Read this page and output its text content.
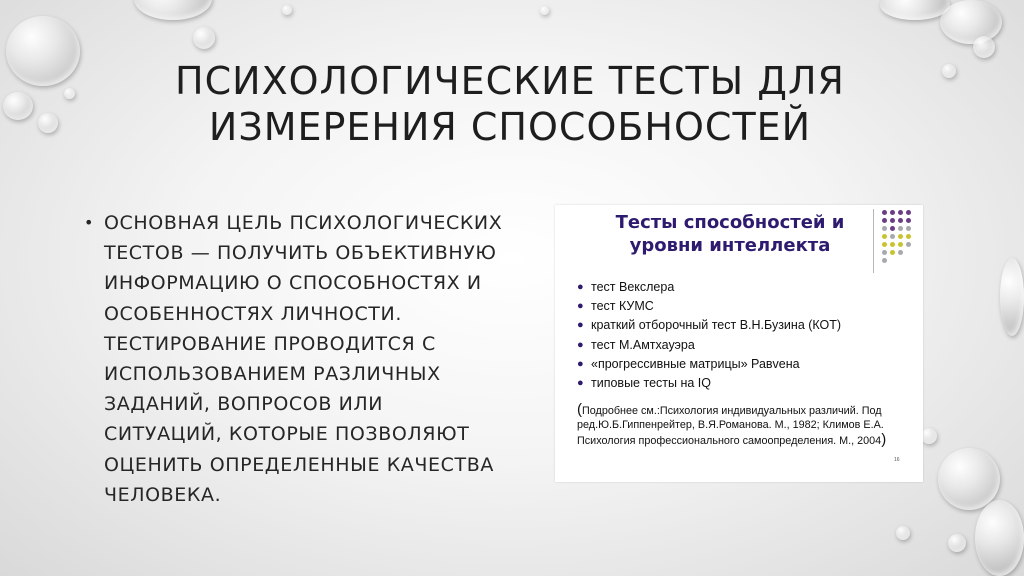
ПСИХОЛОГИЧЕСКИЕ ТЕСТЫ ДЛЯ ИЗМЕРЕНИЯ СПОСОБНОСТЕЙ
• ОСНОВНАЯ ЦЕЛЬ ПСИХОЛОГИЧЕСКИХ ТЕСТОВ — ПОЛУЧИТЬ ОБЪЕКТИВНУЮ ИНФОРМАЦИЮ О СПОСОБНОСТЯХ И ОСОБЕННОСТЯХ ЛИЧНОСТИ. ТЕСТИРОВАНИЕ ПРОВОДИТСЯ С ИСПОЛЬЗОВАНИЕМ РАЗЛИЧНЫХ ЗАДАНИЙ, ВОПРОСОВ ИЛИ СИТУАЦИЙ, КОТОРЫЕ ПОЗВОЛЯЮТ ОЦЕНИТЬ ОПРЕДЕЛЕННЫЕ КАЧЕСТВА ЧЕЛОВЕКА.
Тесты способностей и уровни интеллекта
● тест Векслера
● тест КУМС
● краткий отборочный тест В.Н.Бузина (КОТ)
● тест М.Амтхауэра
● «прогрессивные матрицы» Равvена
● типовые тесты на IQ
(Подробнее см.:Психология индивидуальных различий. Под ред.Ю.Б.Гиппенрейтер, В.Я.Романова. М., 1982; Климов Е.А. Психология профессионального самоопределения. М., 2004)
16
